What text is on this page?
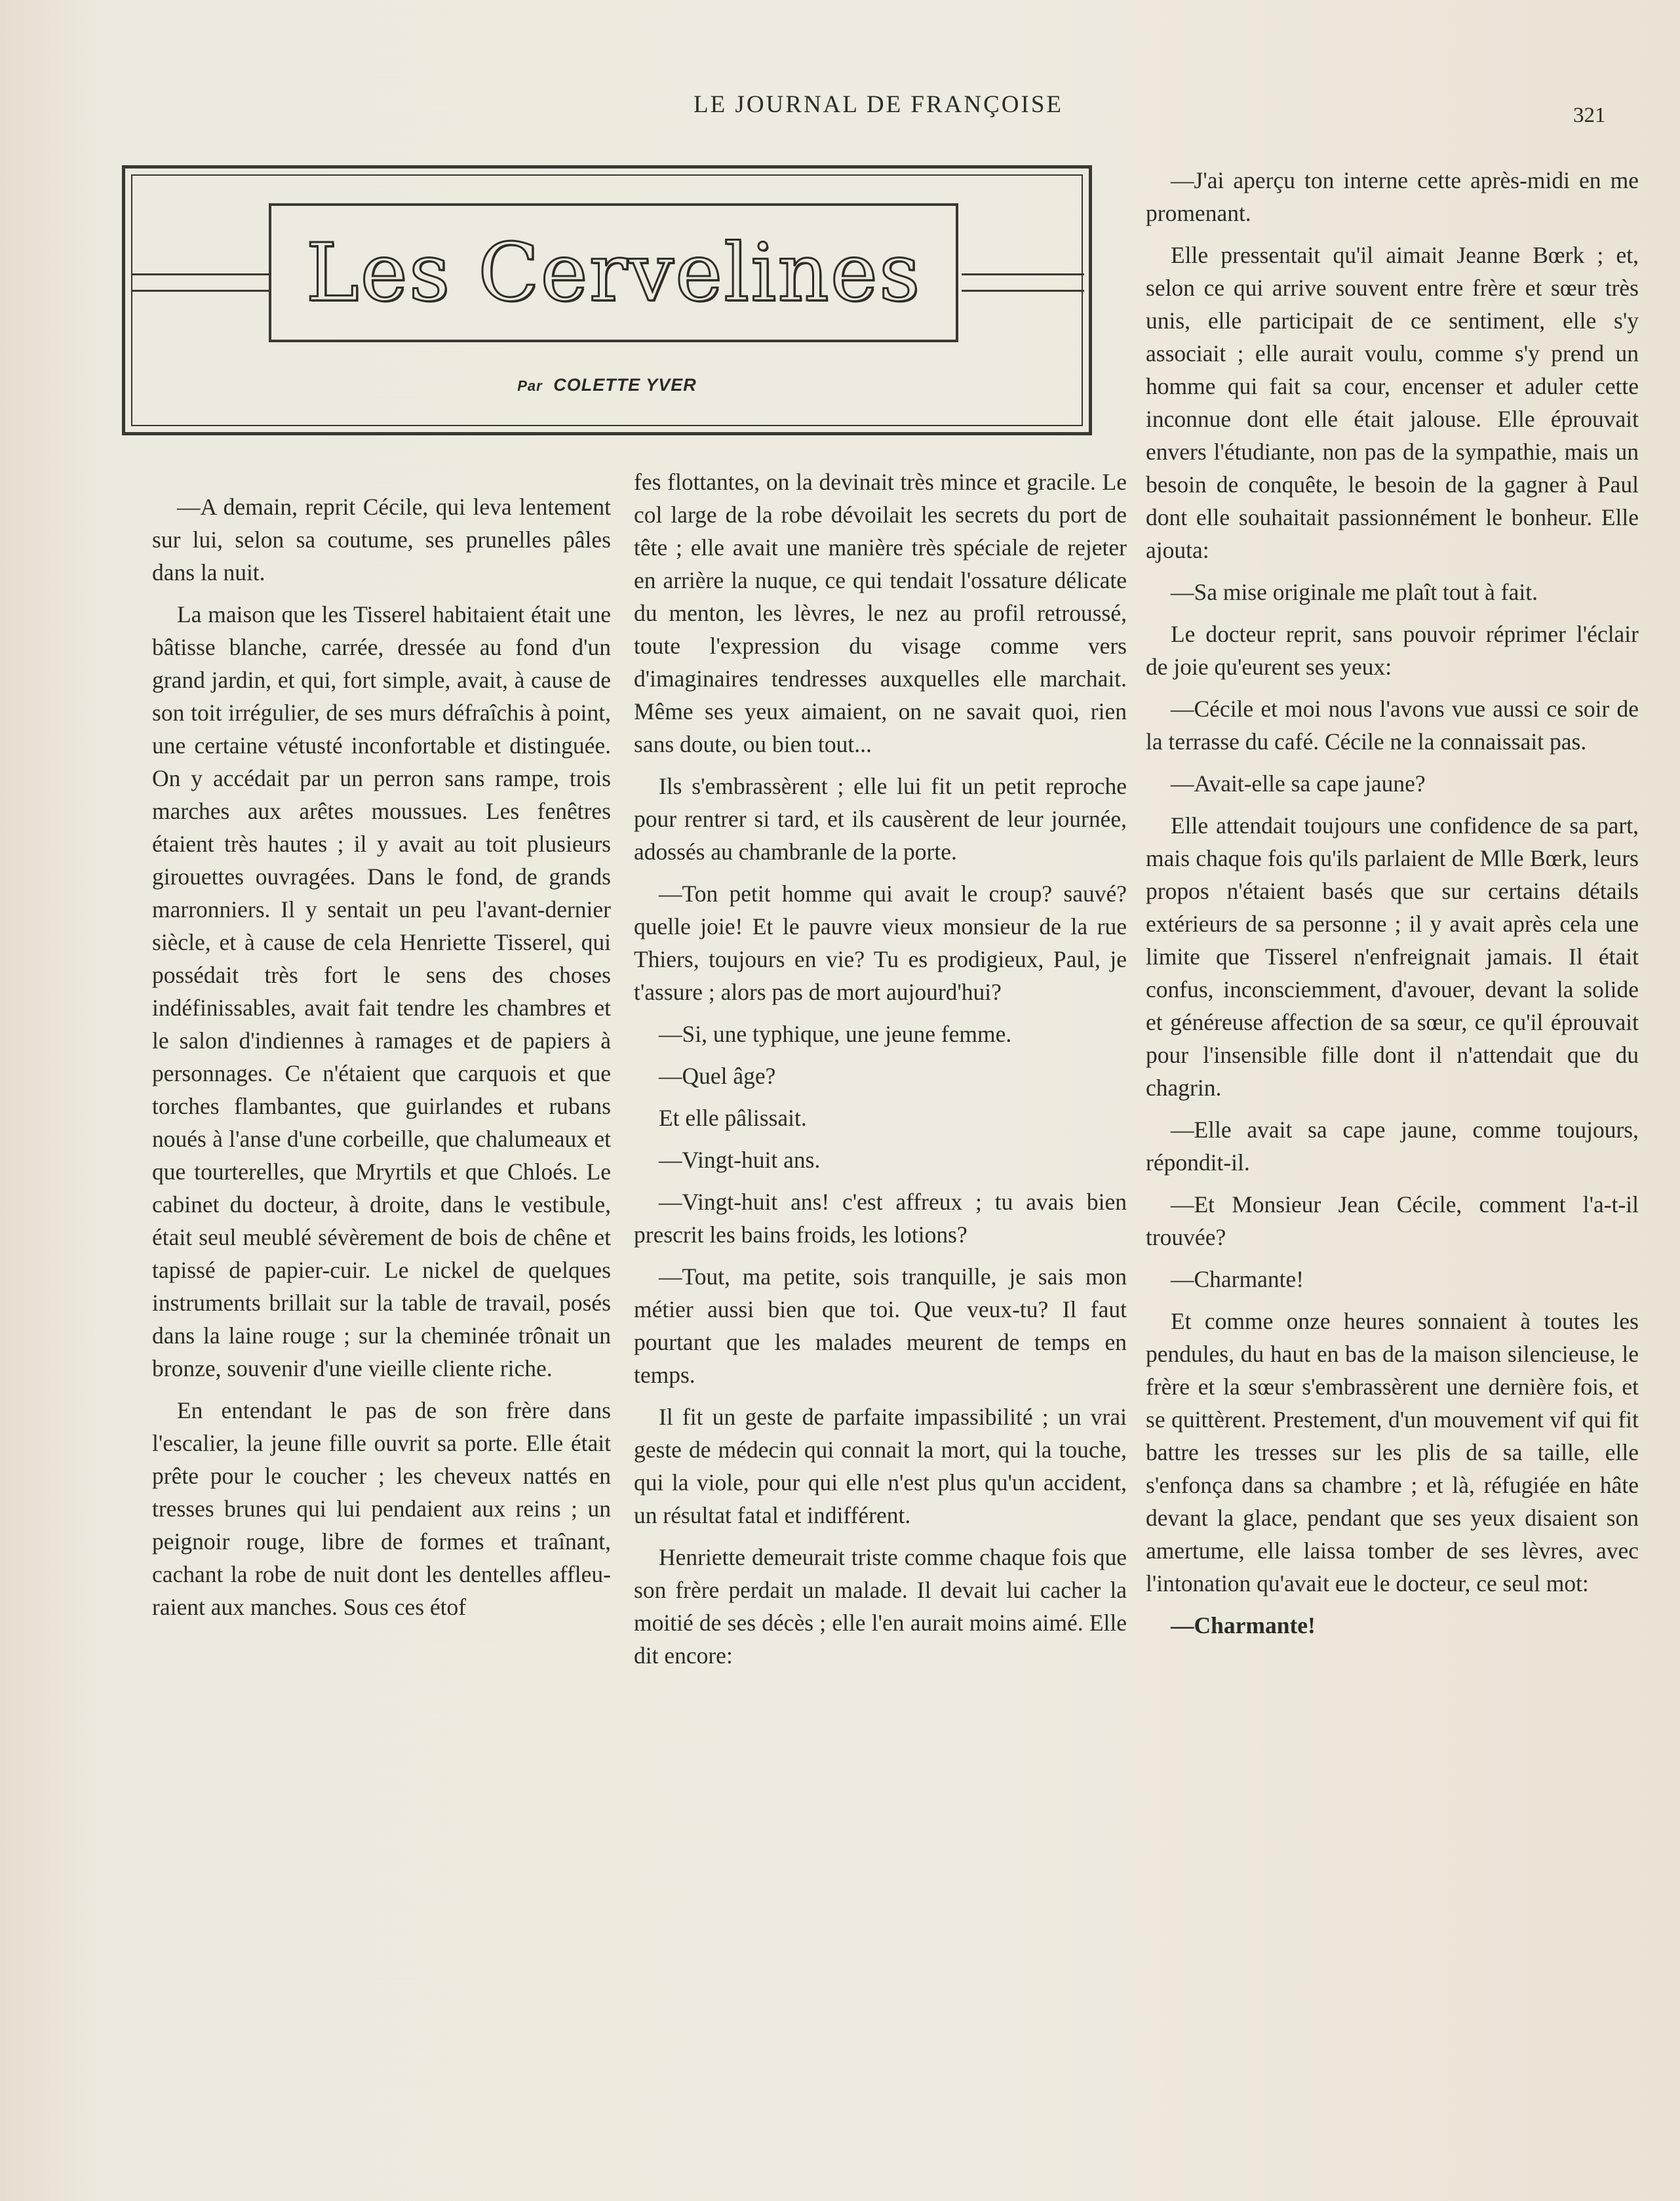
LE JOURNAL DE FRANÇOISE	321
Les Cervelines
Par COLETTE YVER

—A demain, reprit Cécile, qui leva lentement sur lui, selon sa coutume, ses prunelles pâles dans la nuit.

La maison que les Tisserel habitaient était une bâtisse blanche, carrée, dressée au fond d'un grand jardin, et qui, fort simple, avait, à cause de son toit irrégulier, de ses murs défraîchis à point, une certaine vétusté inconfortable et distinguée. On y accédait par un perron sans rampe, trois marches aux arêtes moussues. Les fenêtres étaient très hautes ; il y avait au toit plusieurs girouettes ouvragées. Dans le fond, de grands marronniers. Il y sentait un peu l'avant-dernier siècle, et à cause de cela Henriette Tisserel, qui possédait très fort le sens des choses indéfinissables, avait fait tendre les chambres et le salon d'indiennes à ramages et de papiers à personnages. Ce n'étaient que carquois et que torches flambantes, que guirlandes et rubans noués à l'anse d'une corbeille, que chalumeaux et que tourterelles, que Mryrtils et que Chloés. Le cabinet du docteur, à droite, dans le vestibule, était seul meublé sévèrement de bois de chêne et tapissé de papier-cuir. Le nickel de quelques instruments brillait sur la table de travail, posés dans la laine rouge ; sur la cheminée trônait un bronze, souvenir d'une vieille cliente riche.

En entendant le pas de son frère dans l'escalier, la jeune fille ouvrit sa porte. Elle était prête pour le coucher ; les cheveux nattés en tresses brunes qui lui pendaient aux reins ; un peignoir rouge, libre de formes et traînant, cachant la robe de nuit dont les dentelles affleuraient aux manches. Sous ces étof

fes flottantes, on la devinait très mince et gracile. Le col large de la robe dévoilait les secrets du port de tête ; elle avait une manière très spéciale de rejeter en arrière la nuque, ce qui tendait l'ossature délicate du menton, les lèvres, le nez au profil retroussé, toute l'expression du visage comme vers d'imaginaires tendresses auxquelles elle marchait. Même ses yeux aimaient, on ne savait quoi, rien sans doute, ou bien tout...

Ils s'embrassèrent ; elle lui fit un petit reproche pour rentrer si tard, et ils causèrent de leur journée, adossés au chambranle de la porte.

—Ton petit homme qui avait le croup? sauvé? quelle joie! Et le pauvre vieux monsieur de la rue Thiers, toujours en vie? Tu es prodigieux, Paul, je t'assure ; alors pas de mort aujourd'hui?

—Si, une typhique, une jeune femme.

—Quel âge?

Et elle pâlissait.

—Vingt-huit ans.

—Vingt-huit ans! c'est affreux ; tu avais bien prescrit les bains froids, les lotions?

—Tout, ma petite, sois tranquille, je sais mon métier aussi bien que toi. Que veux-tu? Il faut pourtant que les malades meurent de temps en temps.

Il fit un geste de parfaite impassibilité ; un vrai geste de médecin qui connait la mort, qui la touche, qui la viole, pour qui elle n'est plus qu'un accident, un résultat fatal et indifférent.

Henriette demeurait triste comme chaque fois que son frère perdait un malade. Il devait lui cacher la moitié de ses décès ; elle l'en aurait moins aimé. Elle dit encore:

—J'ai aperçu ton interne cette après-midi en me promenant.

Elle pressentait qu'il aimait Jeanne Bœrk ; et, selon ce qui arrive souvent entre frère et sœur très unis, elle participait de ce sentiment, elle s'y associait ; elle aurait voulu, comme s'y prend un homme qui fait sa cour, encenser et aduler cette inconnue dont elle était jalouse. Elle éprouvait envers l'étudiante, non pas de la sympathie, mais un besoin de conquête, le besoin de la gagner à Paul dont elle souhaitait passionnément le bonheur. Elle ajouta:

—Sa mise originale me plaît tout à fait.

Le docteur reprit, sans pouvoir réprimer l'éclair de joie qu'eurent ses yeux:

—Cécile et moi nous l'avons vue aussi ce soir de la terrasse du café. Cécile ne la connaissait pas.

—Avait-elle sa cape jaune?

Elle attendait toujours une confidence de sa part, mais chaque fois qu'ils parlaient de Mlle Bœrk, leurs propos n'étaient basés que sur certains détails extérieurs de sa personne ; il y avait après cela une limite que Tisserel n'enfreignait jamais. Il était confus, inconsciemment, d'avouer, devant la solide et généreuse affection de sa sœur, ce qu'il éprouvait pour l'insensible fille dont il n'attendait que du chagrin.

—Elle avait sa cape jaune, comme toujours, répondit-il.

—Et Monsieur Jean Cécile, comment l'a-t-il trouvée?

—Charmante!

Et comme onze heures sonnaient à toutes les pendules, du haut en bas de la maison silencieuse, le frère et la sœur s'embrassèrent une dernière fois, et se quittèrent. Prestement, d'un mouvement vif qui fit battre les tresses sur les plis de sa taille, elle s'enfonça dans sa chambre ; et là, réfugiée en hâte devant la glace, pendant que ses yeux disaient son amertume, elle laissa tomber de ses lèvres, avec l'intonation qu'avait eue le docteur, ce seul mot:

—Charmante!
